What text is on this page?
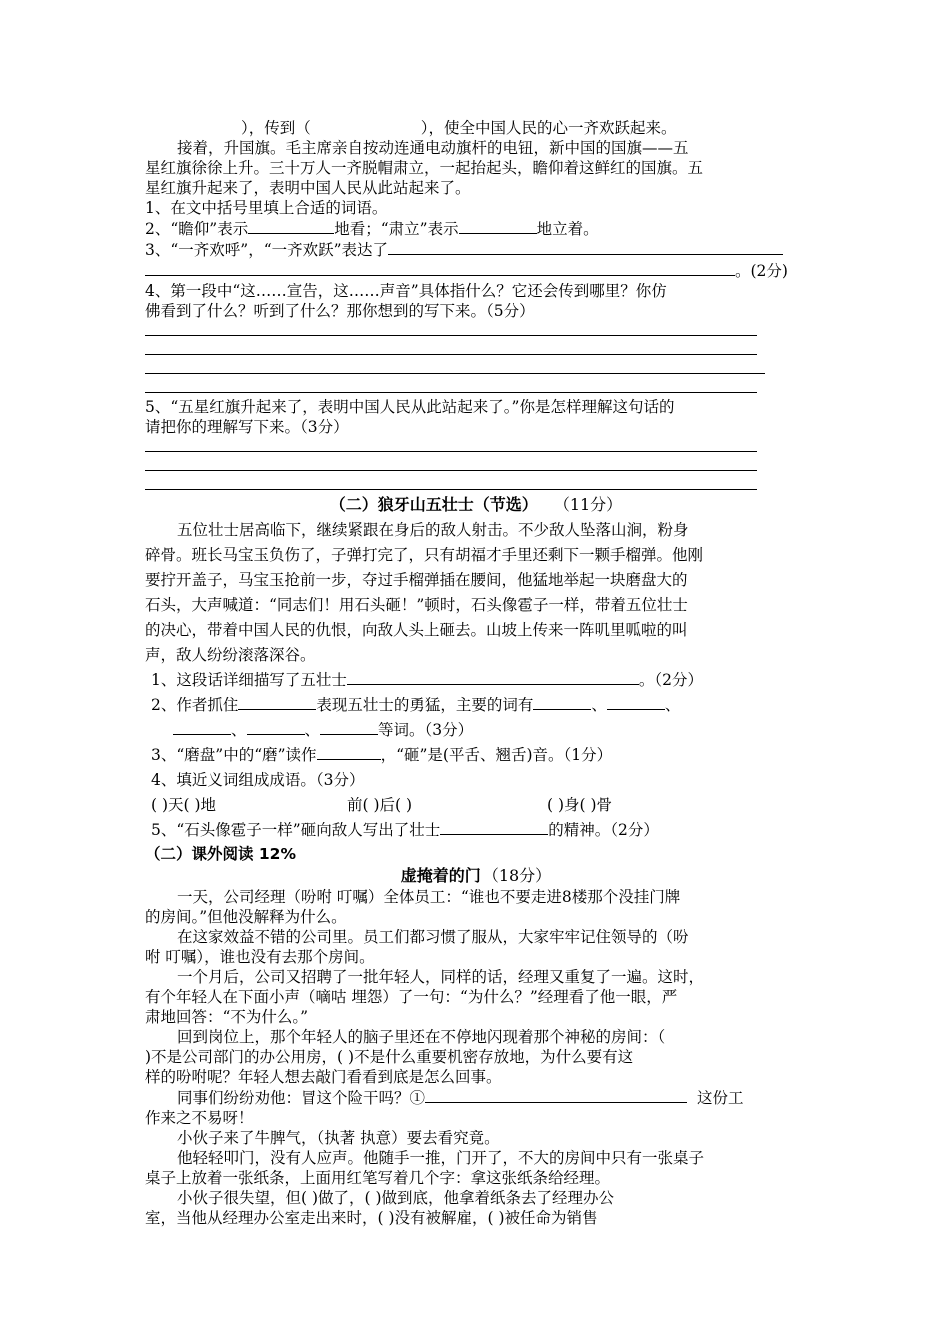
），传到（	），使全中国人民的心一齐欢跃起来。
接着，升国旗。毛主席亲自按动连通电动旗杆的电钮，新中国的国旗——五
星红旗徐徐上升。三十万人一齐脱帽肃立，一起抬起头，瞻仰着这鲜红的国旗。五
星红旗升起来了，表明中国人民从此站起来了。
1、在文中括号里填上合适的词语。
2、“瞻仰”表示	地看；“肃立”表示	地立着。
3、“一齐欢呼”，“一齐欢跃”表达了
。(2分)
4、第一段中“这……宣告，这……声音”具体指什么？它还会传到哪里？你仿
佛看到了什么？听到了什么？那你想到的写下来。（5分）
5、“五星红旗升起来了，表明中国人民从此站起来了。”你是怎样理解这句话的
请把你的理解写下来。（3分）
（二）狼牙山五壮士（节选） （11分）
五位壮士居高临下，继续紧跟在身后的敌人射击。不少敌人坠落山涧，粉身
碎骨。班长马宝玉负伤了，子弹打完了，只有胡福才手里还剩下一颗手榴弹。他刚
要拧开盖子，马宝玉抢前一步，夺过手榴弹插在腰间，他猛地举起一块磨盘大的
石头，大声喊道：“同志们！用石头砸！”顿时，石头像雹子一样，带着五位壮士
的决心，带着中国人民的仇恨，向敌人头上砸去。山坡上传来一阵叽里呱啦的叫
声，敌人纷纷滚落深谷。
1、这段话详细描写了五壮士	。（2分）
2、作者抓住	表现五壮士的勇猛，主要的词有	、	、
、	、	等词。（3分）
3、“磨盘”中的“磨”读作	，“砸”是(平舌、翘舌)音。（1分）
4、填近义词组成成语。（3分）
( )天( )地	前( )后( )	( )身( )骨
5、“石头像雹子一样”砸向敌人写出了壮士	的精神。（2分）
（二）课外阅读 12%
虚掩着的门 （18分）
一天，公司经理（吩咐 叮嘱）全体员工：“谁也不要走进8楼那个没挂门牌
的房间。”但他没解释为什么。
在这家效益不错的公司里。员工们都习惯了服从，大家牢牢记住领导的（吩
咐 叮嘱），谁也没有去那个房间。
一个月后，公司又招聘了一批年轻人，同样的话，经理又重复了一遍。这时，
有个年轻人在下面小声（嘀咕 埋怨）了一句：“为什么？”经理看了他一眼，严
肃地回答：“不为什么。”
回到岗位上，那个年轻人的脑子里还在不停地闪现着那个神秘的房间：（
)不是公司部门的办公用房，( )不是什么重要机密存放地，为什么要有这
样的吩咐呢？年轻人想去敲门看看到底是怎么回事。
同事们纷纷劝他：冒这个险干吗？①	这份工
作来之不易呀！
小伙子来了牛脾气，（执著 执意）要去看究竟。
他轻轻叩门，没有人应声。他随手一推，门开了，不大的房间中只有一张桌子
桌子上放着一张纸条，上面用红笔写着几个字：拿这张纸条给经理。
小伙子很失望，但( )做了，( )做到底，他拿着纸条去了经理办公
室，当他从经理办公室走出来时，( )没有被解雇，( )被任命为销售
